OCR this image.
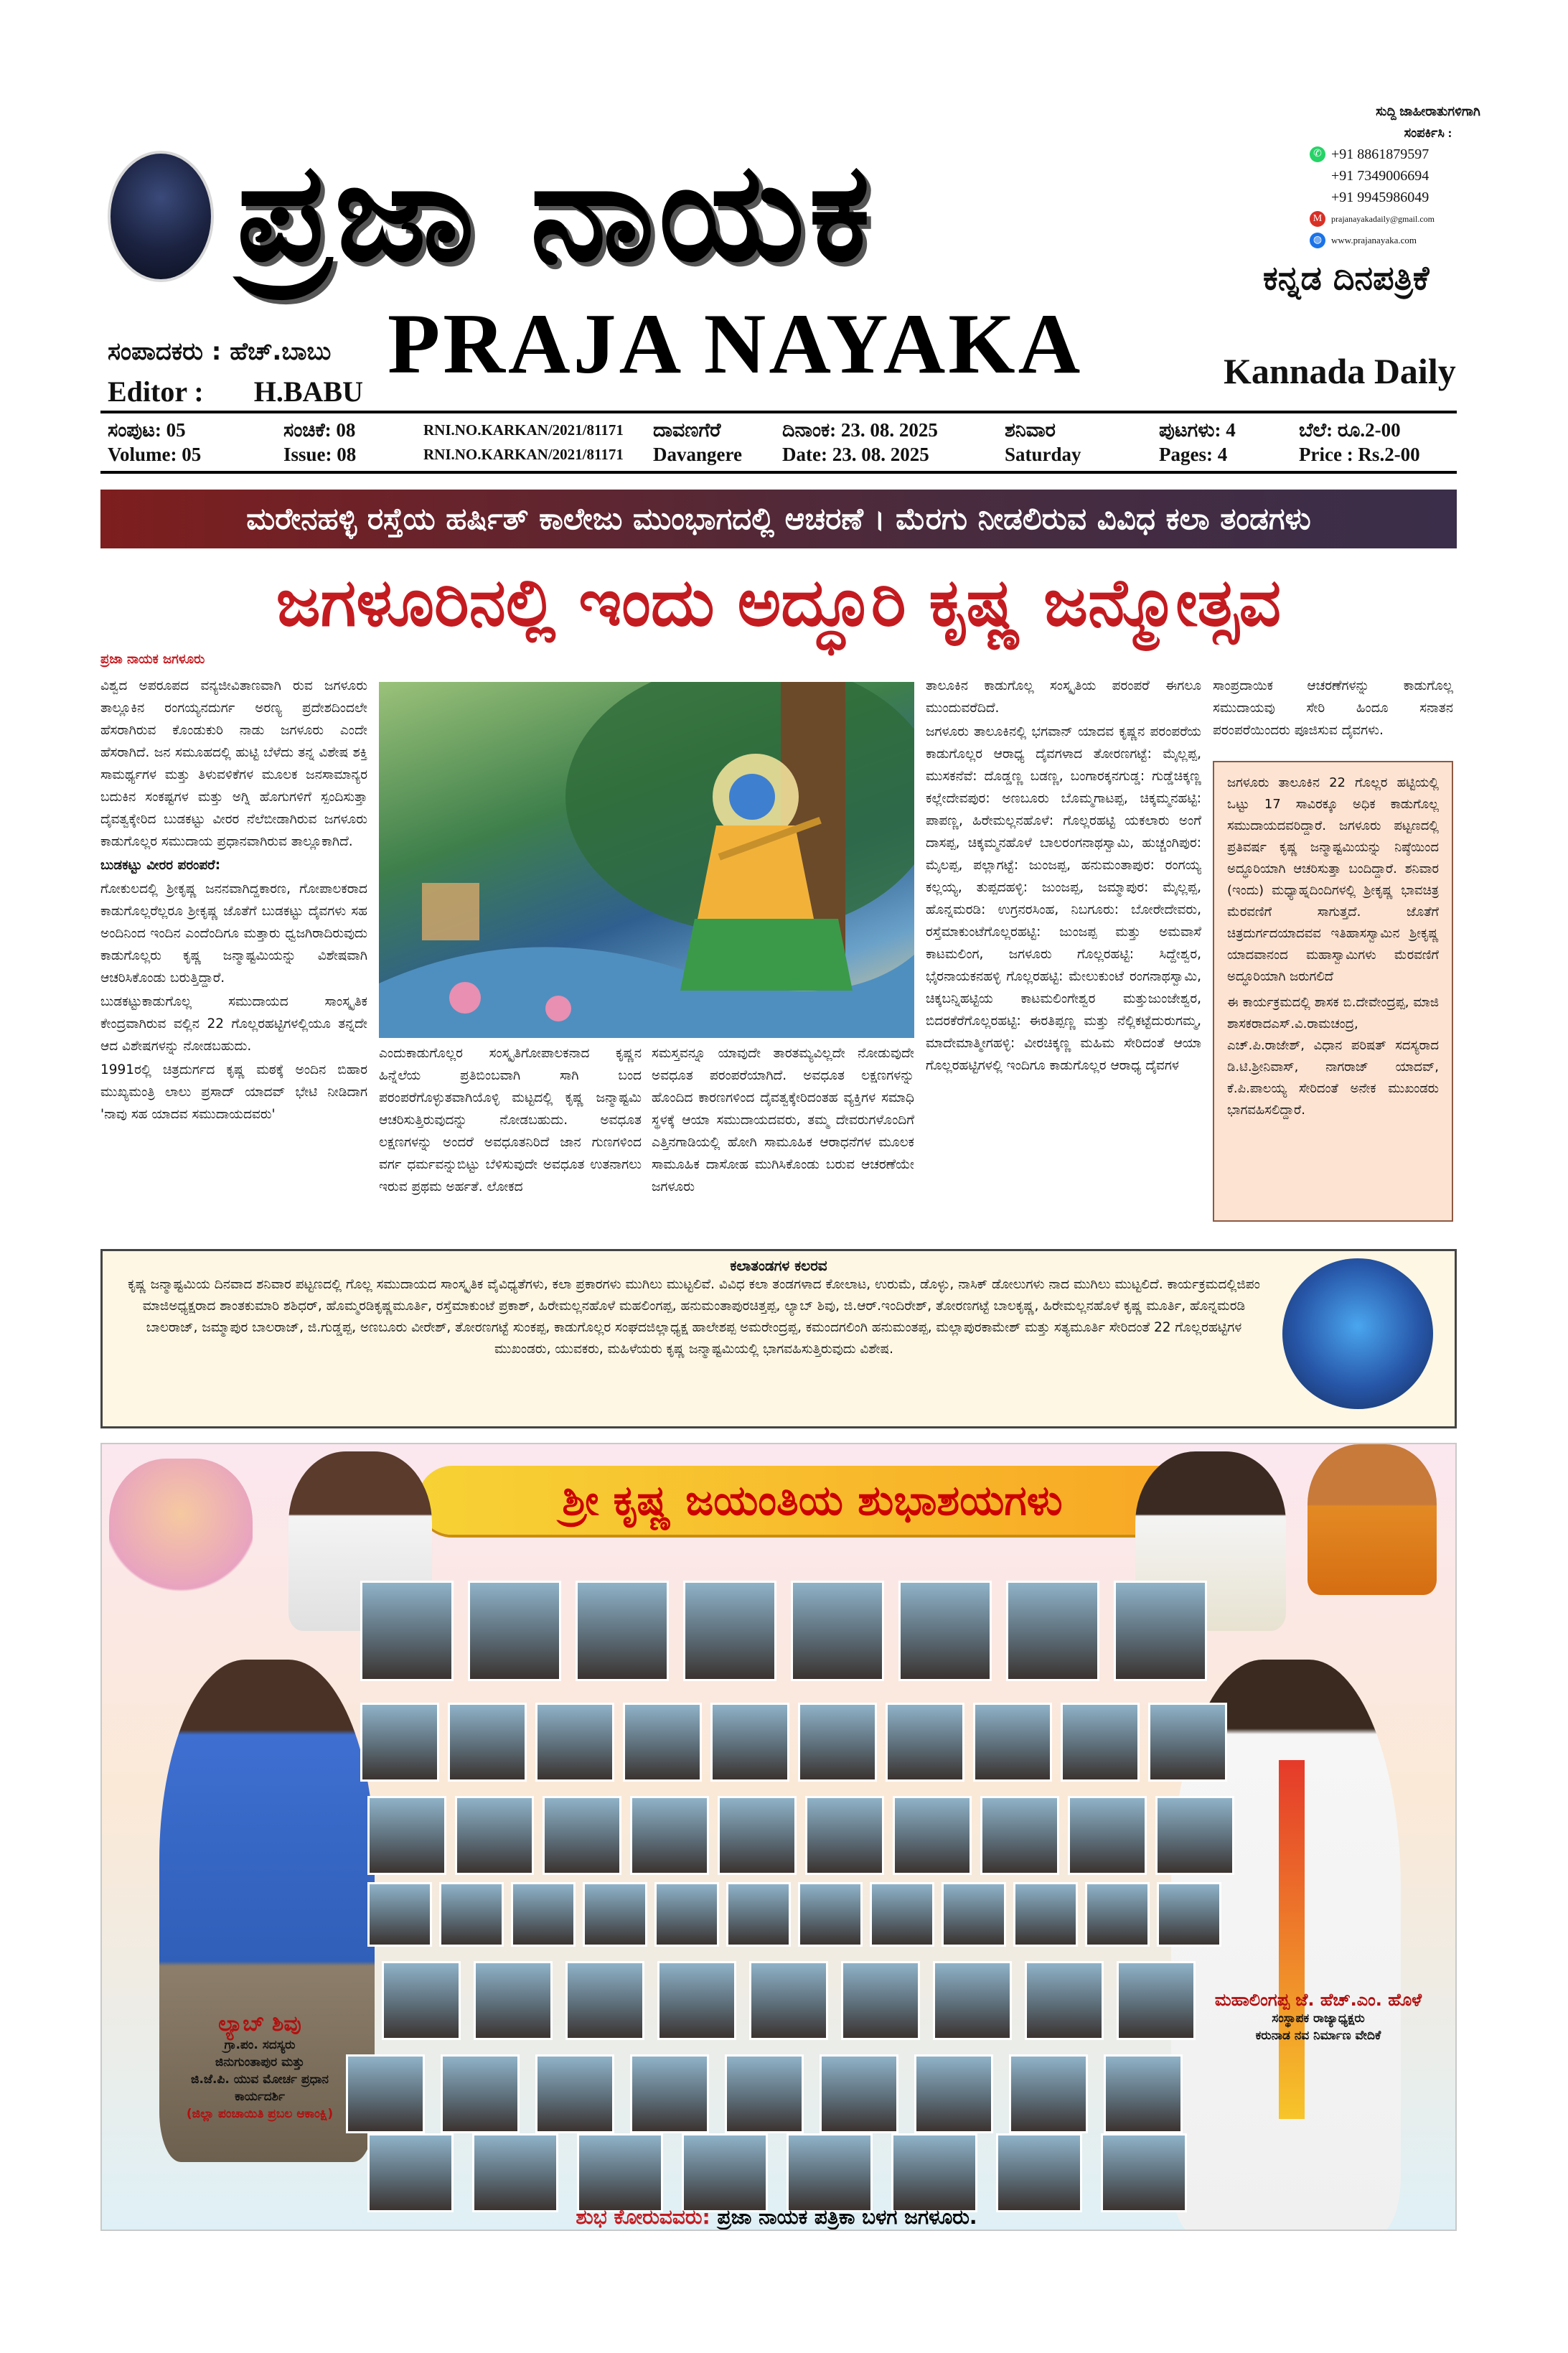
ಪ್ರಜಾ ನಾಯಕ
PRAJA NAYAKA
ಕನ್ನಡ ದಿನಪತ್ರಿಕೆ
Kannada Daily
ಸಂಪಾದಕರು : ಹೆಚ್.ಬಾಬು
Editor : H.BABU
ಸುದ್ದಿ ಜಾಹೀರಾತುಗಳಿಗಾಗಿ
ಸಂಪರ್ಕಿಸಿ :
✆ +91 8861879597
+91 7349006694
+91 9945986049
M	prajanayakadaily@gmail.com
◍ www.prajanayaka.com
ಸಂಪುಟ: 05
Volume: 05
ಸಂಚಿಕೆ: 08
Issue: 08
RNI.NO.KARKAN/2021/81171
RNI.NO.KARKAN/2021/81171
ದಾವಣಗೆರೆ
Davangere
ದಿನಾಂಕ: 23. 08. 2025
Date: 23. 08. 2025
ಶನಿವಾರ
Saturday
ಪುಟಗಳು: 4
Pages: 4
ಬೆಲೆ: ರೂ.2-00
Price : Rs.2-00
ಮರೇನಹಳ್ಳಿ ರಸ್ತೆಯ ಹರ್ಷಿತ್ ಕಾಲೇಜು ಮುಂಭಾಗದಲ್ಲಿ ಆಚರಣೆ । ಮೆರಗು ನೀಡಲಿರುವ ವಿವಿಧ ಕಲಾ ತಂಡಗಳು
ಜಗಳೂರಿನಲ್ಲಿ ಇಂದು ಅದ್ಧೂರಿ ಕೃಷ್ಣ ಜನ್ಮೋತ್ಸವ
ಪ್ರಜಾ ನಾಯಕ ಜಗಳೂರು

ವಿಶ್ವದ ಅಪರೂಪದ ವನ್ಯಜೀವಿತಾಣವಾಗಿ ರುವ ಜಗಳೂರು ತಾಲ್ಲೂಕಿನ ರಂಗಯ್ಯನದುರ್ಗ ಅರಣ್ಯ ಪ್ರದೇಶದಿಂದಲೇ ಹೆಸರಾಗಿರುವ ಕೊಂಡುಕುರಿ ನಾಡು ಜಗಳೂರು ಎಂದೇ ಹೆಸರಾಗಿದೆ. ಜನ ಸಮೂಹದಲ್ಲಿ ಹುಟ್ಟಿ ಬೆಳೆದು ತನ್ನ ವಿಶೇಷ ಶಕ್ತಿ ಸಾಮರ್ಥ್ಯಗಳ ಮತ್ತು ತಿಳುವಳಿಕೆಗಳ ಮೂಲಕ ಜನಸಾಮಾನ್ಯರ ಬದುಕಿನ ಸಂಕಷ್ಟಗಳ ಮತ್ತು ಅಗ್ನಿ ಹೊಗುಗಳಿಗೆ ಸ್ಪಂದಿಸುತ್ತಾ ದೈವತ್ವಕ್ಕೇರಿದ ಬುಡಕಟ್ಟು ವೀರರ ನೆಲೆಬೀಡಾಗಿರುವ ಜಗಳೂರು ಕಾಡುಗೊಲ್ಲರ ಸಮುದಾಯ ಪ್ರಧಾನವಾಗಿರುವ ತಾಲ್ಲೂಕಾಗಿದೆ.

ಬುಡಕಟ್ಟು ವೀರರ ಪರಂಪರೆ:

ಗೋಕುಲದಲ್ಲಿ ಶ್ರೀಕೃಷ್ಣ ಜನನವಾಗಿದ್ದಕಾರಣ, ಗೋಪಾಲಕರಾದ ಕಾಡುಗೊಲ್ಲರೆಲ್ಲರೂ ಶ್ರೀಕೃಷ್ಣ ಜೊತೆಗೆ ಬುಡಕಟ್ಟು ದೈವಗಳು ಸಹ ಅಂದಿನಿಂದ ಇಂದಿನ ಎಂದೆಂದಿಗೂ ಮತ್ತಾರು ಧ್ವಜಗಿರಾದಿರುವುದು ಕಾಡುಗೊಲ್ಲರು ಕೃಷ್ಣ ಜನ್ಮಾಷ್ಟಮಿಯನ್ನು ವಿಶೇಷವಾಗಿ ಆಚರಿಸಿಕೊಂಡು ಬರುತ್ತಿದ್ದಾರೆ.

ಬುಡಕಟ್ಟುಕಾಡುಗೊಲ್ಲ ಸಮುದಾಯದ ಸಾಂಸ್ಕೃತಿಕ ಕೇಂದ್ರವಾಗಿರುವ ವಲ್ಲಿನ 22 ಗೊಲ್ಲರಹಟ್ಟಿಗಳಲ್ಲಿಯೂ ತನ್ನದೇ ಆದ ವಿಶೇಷಗಳನ್ನು ನೋಡಬಹುದು.

1991ರಲ್ಲಿ ಚಿತ್ರದುರ್ಗದ ಕೃಷ್ಣ ಮಠಕ್ಕೆ ಅಂದಿನ ಬಿಹಾರ ಮುಖ್ಯಮಂತ್ರಿ ಲಾಲು ಪ್ರಸಾದ್ ಯಾದವ್ ಭೇಟಿ ನೀಡಿದಾಗ 'ನಾವು ಸಹ ಯಾದವ ಸಮುದಾಯದವರು'

ಎಂದುಕಾಡುಗೊಲ್ಲರ ಸಂಸ್ಕೃತಿಗೋಪಾಲಕನಾದ ಕೃಷ್ಣನ ಹಿನ್ನೆಲೆಯ ಪ್ರತಿಬಿಂಬವಾಗಿ ಸಾಗಿ ಬಂದ ಪರಂಪರೆಗೊಳ್ಳುತವಾಗಿಯೊಳ್ಳಿ ಮಟ್ಟದಲ್ಲಿ ಕೃಷ್ಣ ಜನ್ಮಾಷ್ಟಮಿ ಆಚರಿಸುತ್ತಿರುವುದನ್ನು ನೋಡಬಹುದು. ಅವಧೂತ ಲಕ್ಷಣಗಳನ್ನು ಅಂದರೆ ಅವಧೂತನಿರಿದೆ ಜಾನ ಗುಣಗಳಿಂದ ವರ್ಗ ಧರ್ಮವನ್ನುಬಿಟ್ಟು ಬೆಳಿಸುವುದೇ ಅವಧೂತ ಉತನಾಗಲು ಇರುವ ಪ್ರಥಮ ಅರ್ಹತೆ. ಲೋಕದ
ಸಮಸ್ತವನ್ನೂ ಯಾವುದೇ ತಾರತಮ್ಯವಿಲ್ಲದೇ ನೋಡುವುದೇ ಅವಧೂತ ಪರಂಪರೆಯಾಗಿದೆ. ಅವಧೂತ ಲಕ್ಷಣಗಳನ್ನು ಹೊಂದಿದ ಕಾರಣಗಳಿಂದ ದೈವತ್ವಕ್ಕೇರಿದಂತಹ ವ್ಯಕ್ತಿಗಳ ಸಮಾಧಿ ಸ್ಥಳಕ್ಕೆ ಆಯಾ ಸಮುದಾಯದವರು, ತಮ್ಮ ದೇವರುಗಳೊಂದಿಗೆ ಎತ್ತಿನಗಾಡಿಯಲ್ಲಿ ಹೋಗಿ ಸಾಮೂಹಿಕ ಆರಾಧನೆಗಳ ಮೂಲಕ ಸಾಮೂಹಿಕ ದಾಸೋಹ ಮುಗಿಸಿಕೊಂಡು ಬರುವ ಆಚರಣೆಯೇ ಜಗಳೂರು

ತಾಲೂಕಿನ ಕಾಡುಗೊಲ್ಲ ಸಂಸ್ಕೃತಿಯ ಪರಂಪರೆ ಈಗಲೂ ಮುಂದುವರೆದಿದೆ.

ಜಗಳೂರು ತಾಲೂಕಿನಲ್ಲಿ ಭಗವಾನ್ ಯಾದವ ಕೃಷ್ಣನ ಪರಂಪರೆಯ ಕಾಡುಗೊಲ್ಲರ ಆರಾಧ್ಯ ದೈವಗಳಾದ ತೋರಣಗಟ್ಟೆ: ಮೈಲ್ಲಪ್ಪ, ಮುಸಕನೆವೆ: ದೊಡ್ಡಣ್ಣ ಬಡಣ್ಣ, ಬಂಗಾರಕ್ಕನಗುಡ್ಡ: ಗುಡ್ಡೆಚಿಕ್ಕಣ್ಣ ಕಲ್ಲೇದೇವಪುರ: ಅಣಬೂರು ಬೊಮ್ಮಗಾಟಪ್ಪ, ಚಿಕ್ಕಮ್ಮನಹಟ್ಟಿ: ಪಾಪಣ್ಣ, ಹಿರೇಮಲ್ಲನಹೊಳೆ: ಗೊಲ್ಲರಹಟ್ಟಿ ಯಕಲಾರು ಅಂಗೆ ದಾಸಪ್ಪ, ಚಿಕ್ಕಮ್ಮನಹೊಳೆ ಬಾಲರಂಗನಾಥಸ್ವಾಮಿ, ಹುಚ್ಚಂಗಿಪುರ: ಮೈಲಪ್ಪ, ಪಲ್ಲಾಗಟ್ಟೆ: ಜುಂಜಪ್ಪ, ಹನುಮಂತಾಪುರ: ರಂಗಯ್ಯ ಕಲ್ಲಯ್ಯ, ತುಪ್ಪದಹಳ್ಳಿ: ಜುಂಜಪ್ಪ, ಜಮ್ಮಾಪುರ: ಮೈಲ್ಲಪ್ಪ, ಹೊನ್ನಮರಡಿ: ಉಗ್ರನರಸಿಂಹ, ನಿಬಗೂರು: ಬೋರೇದೇವರು, ರಸ್ತೆಮಾಕುಂಟೆಗೊಲ್ಲರಹಟ್ಟಿ: ಜುಂಜಪ್ಪ ಮತ್ತು ಅಮವಾಸೆ ಕಾಟಮಲಿಂಗ, ಜಗಳೂರು ಗೊಲ್ಲರಹಟ್ಟಿ: ಸಿದ್ದೇಶ್ವರ, ಭೈರನಾಯಕನಹಳ್ಳಿ ಗೊಲ್ಲರಹಟ್ಟಿ: ಮೇಲುಕುಂಟೆ ರಂಗನಾಥಸ್ವಾಮಿ, ಚಿಕ್ಕಬನ್ನಿಹಟ್ಟಿಯ ಕಾಟಮಲಿಂಗೇಶ್ವರ ಮತ್ತುಜುಂಜೇಶ್ವರ, ಬಿದರಕೆರೆಗೊಲ್ಲರಹಟ್ಟಿ: ಈರತಿಪ್ಪಣ್ಣ ಮತ್ತು ನೆಲ್ಲಿಕಟ್ಟೆದುರುಗಮ್ಮ, ಮಾದೇಮಾತ್ಮೀಗಹಳ್ಳಿ: ವೀರಚಿಕ್ಕಣ್ಣ ಮಹಿಮ ಸೇರಿದಂತೆ ಆಯಾ ಗೊಲ್ಲರಹಟ್ಟಿಗಳಲ್ಲಿ ಇಂದಿಗೂ ಕಾಡುಗೊಲ್ಲರ ಆರಾಧ್ಯ ದೈವಗಳ

ಸಾಂಪ್ರದಾಯಿಕ ಆಚರಣೆಗಳನ್ನು ಕಾಡುಗೊಲ್ಲ ಸಮುದಾಯವು ಸೇರಿ ಹಿಂದೂ ಸನಾತನ ಪರಂಪರೆಯಿಂದರು ಪೂಜಿಸುವ ದೈವಗಳು.

ಜಗಳೂರು ತಾಲೂಕಿನ 22 ಗೊಲ್ಲರ ಹಟ್ಟಿಯಲ್ಲಿ ಒಟ್ಟು 17 ಸಾವಿರಕ್ಕೂ ಅಧಿಕ ಕಾಡುಗೊಲ್ಲ ಸಮುದಾಯದವರಿದ್ದಾರೆ. ಜಗಳೂರು ಪಟ್ಟಣದಲ್ಲಿ ಪ್ರತಿವರ್ಷ ಕೃಷ್ಣ ಜನ್ಮಾಷ್ಟಮಿಯನ್ನು ನಿಷ್ಠೆಯಿಂದ ಅದ್ಧೂರಿಯಾಗಿ ಆಚರಿಸುತ್ತಾ ಬಂದಿದ್ದಾರೆ. ಶನಿವಾರ (ಇಂದು) ಮಧ್ಯಾಹ್ನದಿಂದಿಗಳಲ್ಲಿ ಶ್ರೀಕೃಷ್ಣ ಭಾವಚಿತ್ರ ಮೆರವಣಿಗೆ ಸಾಗುತ್ತದೆ. ಜೊತೆಗೆ ಚಿತ್ರದುರ್ಗದಯಾದವವ ಇತಿಹಾಸಸ್ವಾಮಿನ ಶ್ರೀಕೃಷ್ಣ ಯಾದವಾನಂದ ಮಹಾಸ್ವಾಮಿಗಳು ಮೆರವಣಿಗೆ ಅದ್ಧೂರಿಯಾಗಿ ಜರುಗಲಿದೆ

ಈ ಕಾರ್ಯಕ್ರಮದಲ್ಲಿ ಶಾಸಕ ಬಿ.ದೇವೇಂದ್ರಪ್ಪ, ಮಾಜಿ ಶಾಸಕರಾದಎಸ್.ವಿ.ರಾಮಚಂದ್ರ, ಎಚ್.ಪಿ.ರಾಜೇಶ್, ವಿಧಾನ ಪರಿಷತ್ ಸದಸ್ಯರಾದ ಡಿ.ಟಿ.ಶ್ರೀನಿವಾಸ್, ನಾಗರಾಜ್ ಯಾದವ್, ಕೆ.ಪಿ.ಪಾಲಯ್ಯ ಸೇರಿದಂತೆ ಅನೇಕ ಮುಖಂಡರು ಭಾಗವಹಿಸಲಿದ್ದಾರೆ.

ಕಲಾತಂಡಗಳ ಕಲರವ
ಕೃಷ್ಣ ಜನ್ಮಾಷ್ಟಮಿಯ ದಿನವಾದ ಶನಿವಾರ ಪಟ್ಟಣದಲ್ಲಿ ಗೊಲ್ಲ ಸಮುದಾಯದ ಸಾಂಸ್ಕೃತಿಕ ವೈವಿಧ್ಯತೆಗಳು, ಕಲಾ ಪ್ರಕಾರಗಳು ಮುಗಿಲು ಮುಟ್ಟಲಿವೆ. ವಿವಿಧ ಕಲಾ ತಂಡಗಳಾದ ಕೋಲಾಟ, ಉರುಮೆ, ಡೊಳ್ಳು, ನಾಸಿಕ್ ಡೋಲುಗಳು ನಾದ ಮುಗಿಲು ಮುಟ್ಟಲಿದೆ. ಕಾರ್ಯಕ್ರಮದಲ್ಲಿಜಿಪಂ ಮಾಜಿಅಧ್ಯಕ್ಷರಾದ ಶಾಂತಕುಮಾರಿ ಶಶಿಧರ್, ಹೊಮ್ಮರಡಿಕೃಷ್ಣಮೂರ್ತಿ, ರಸ್ತೆಮಾಕುಂಟೆ ಪ್ರಕಾಶ್, ಹಿರೇಮಲ್ಲನಹೊಳೆ ಮಹಲಿಂಗಪ್ಪ, ಹನುಮಂತಾಪುರಚಿತ್ತಪ್ಪ, ಲ್ಯಾಬ್ ಶಿವು, ಜಿ.ಆರ್.ಇಂದಿರೇಶ್, ತೋರಣಗಟ್ಟೆ ಬಾಲಕೃಷ್ಣ, ಹಿರೇಮಲ್ಲನಹೊಳೆ ಕೃಷ್ಣ ಮೂರ್ತಿ, ಹೊನ್ನಮರಡಿ ಬಾಲರಾಜ್, ಜಮ್ಮಾಪುರ ಬಾಲರಾಜ್, ಜಿ.ಗುಡ್ಡಪ್ಪ, ಅಣಬೂರು ವೀರೇಶ್, ತೋರಣಗಟ್ಟೆ ಸುಂಕಪ್ಪ, ಕಾಡುಗೊಲ್ಲರ ಸಂಘದಜಿಲ್ಲಾಧ್ಯಕ್ಷ ಹಾಲೇಶಪ್ಪ ಅಮರೇಂದ್ರಪ್ಪ, ಕಮಂದಗಲಿಂಗಿ ಹನುಮಂತಪ್ಪ, ಮಲ್ಲಾಪುರಕಾಮೇಶ್ ಮತ್ತು ಸತ್ಯಮೂರ್ತಿ ಸೇರಿದಂತೆ 22 ಗೊಲ್ಲರಹಟ್ಟಿಗಳ ಮುಖಂಡರು, ಯುವಕರು, ಮಹಿಳೆಯರು ಕೃಷ್ಣ ಜನ್ಮಾಷ್ಟಮಿಯಲ್ಲಿ ಭಾಗವಹಿಸುತ್ತಿರುವುದು ವಿಶೇಷ.
ಶ್ರೀ ಕೃಷ್ಣ ಜಯಂತಿಯ ಶುಭಾಶಯಗಳು
ಲ್ಯಾಬ್ ಶಿವು
ಗ್ರಾ.ಪಂ. ಸದಸ್ಯರು
ಜಿನುಗುಂತಾಪುರ ಮತ್ತು
ಜಿ.ಜೆ.ಪಿ. ಯುವ ಮೋರ್ಚ ಪ್ರಧಾನ
ಕಾರ್ಯದರ್ಶಿ
(ಜಿಲ್ಲಾ ಪಂಚಾಯಿತಿ ಪ್ರಬಲ ಆಕಾಂಕ್ಷಿ)
ಮಹಾಲಿಂಗಪ್ಪ ಜೆ. ಹೆಚ್.ಎಂ. ಹೊಳೆ
ಸಂಸ್ಥಾಪಕ ರಾಜ್ಯಾಧ್ಯಕ್ಷರು
ಕರುನಾಡ ನವ ನಿರ್ಮಾಣ ವೇದಿಕೆ
ಶುಭ ಕೋರುವವರು: ಪ್ರಜಾ ನಾಯಕ ಪತ್ರಿಕಾ ಬಳಗ ಜಗಳೂರು.
